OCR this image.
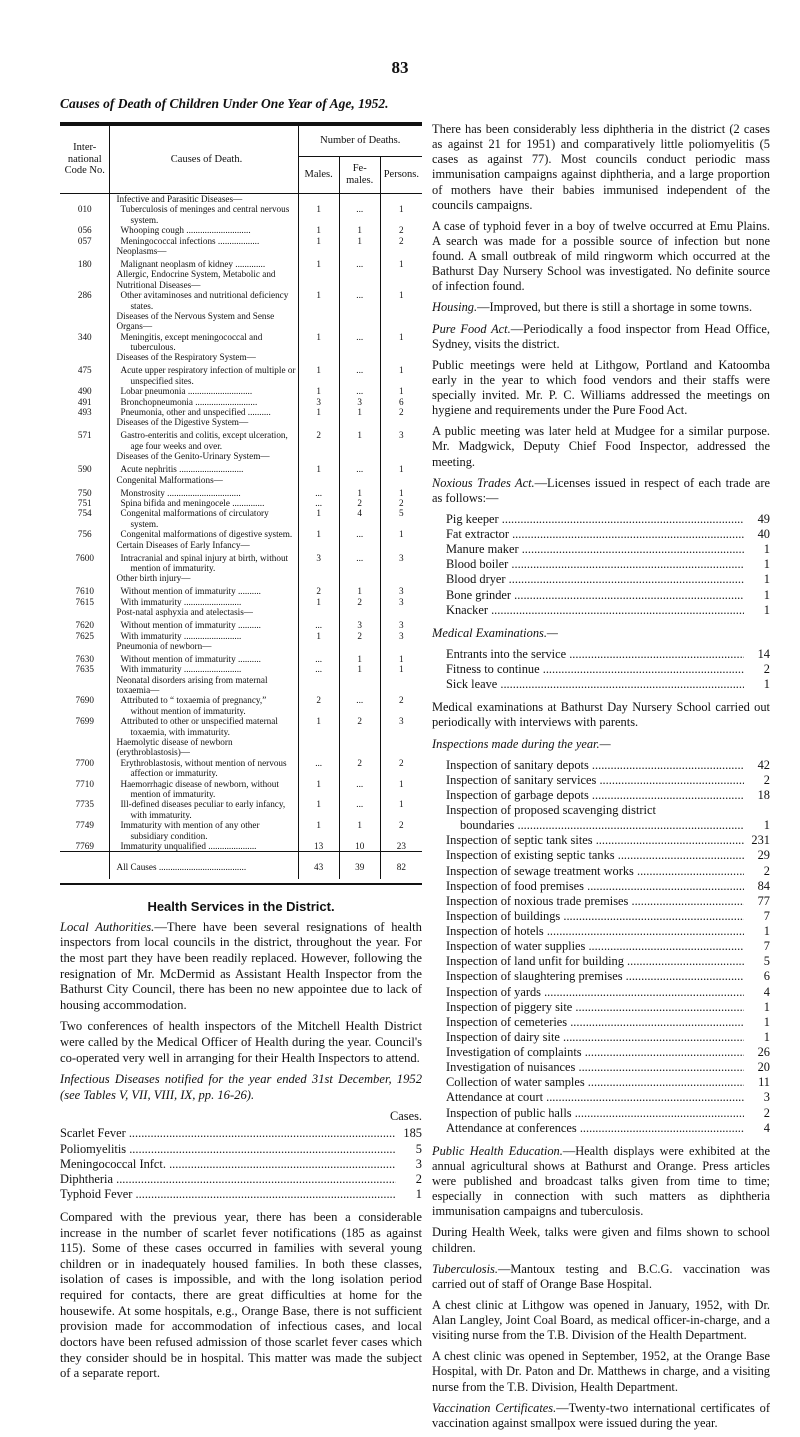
83
Causes of Death of Children Under One Year of Age, 1952.
Inter-national Code No.	Causes of Death.	Number of Deaths.		
		Males.	Fe-males.	Persons.
	Infective and Parasitic Diseases—			
010	Tuberculosis of meninges and central nervous system.	1	...	1
056	Whooping cough ............................	1	1	2
057	Meningococcal infections ..................	1	1	2
	Neoplasms—			
180	Malignant neoplasm of kidney .............	1	...	1
	Allergic, Endocrine System, Metabolic and Nutritional Diseases—			
286	Other avitaminoses and nutritional deficiency states.	1	...	1
	Diseases of the Nervous System and Sense Organs—			
340	Meningitis, except meningococcal and tuberculous.	1	...	1
	Diseases of the Respiratory System—			
475	Acute upper respiratory infection of multiple or unspecified sites.	1	...	1
490	Lobar pneumonia ............................	1	...	1
491	Bronchopneumonia ...........................	3	3	6
493	Pneumonia, other and unspecified ..........	1	1	2
	Diseases of the Digestive System—			
571	Gastro-enteritis and colitis, except ulceration, age four weeks and over.	2	1	3
	Diseases of the Genito-Urinary System—			
590	Acute nephritis ............................	1	...	1
	Congenital Malformations—			
750	Monstrosity ................................	...	1	1
751	Spina bifida and meningocele ..............	...	2	2
754	Congenital malformations of circulatory system.	1	4	5
756	Congenital malformations of digestive system.	1	...	1
	Certain Diseases of Early Infancy—			
7600	Intracranial and spinal injury at birth, without mention of immaturity.	3	...	3
	Other birth injury—			
7610	Without mention of immaturity ..........	2	1	3
7615	With immaturity .........................	1	2	3
	Post-natal asphyxia and atelectasis—			
7620	Without mention of immaturity ..........	...	3	3
7625	With immaturity .........................	1	2	3
	Pneumonia of newborn—			
7630	Without mention of immaturity ..........	...	1	1
7635	With immaturity .........................	...	1	1
	Neonatal disorders arising from maternal toxaemia—			
7690	Attributed to “ toxaemia of pregnancy,” without mention of immaturity.	2	...	2
7699	Attributed to other or unspecified maternal toxaemia, with immaturity.	1	2	3
	Haemolytic disease of newborn (erythroblastosis)—			
7700	Erythroblastosis, without mention of nervous affection or immaturity.	...	2	2
7710	Haemorrhagic disease of newborn, without mention of immaturity.	1	...	1
7735	Ill-defined diseases peculiar to early infancy, with immaturity.	1	...	1
7749	Immaturity with mention of any other subsidiary condition.	1	1	2
7769	Immaturity unqualified .....................	13	10	23

	All Causes ......................................	43	39	82
Health Services in the District.

Local Authorities.—There have been several resignations of health inspectors from local councils in the district, throughout the year. For the most part they have been readily replaced. However, following the resignation of Mr. McDermid as Assistant Health Inspector from the Bathurst City Council, there has been no new appointee due to lack of housing accommodation.

Two conferences of health inspectors of the Mitchell Health District were called by the Medical Officer of Health during the year. Council's co-operated very well in arranging for their Health Inspectors to attend.

Infectious Diseases notified for the year ended 31st December, 1952 (see Tables V, VII, VIII, IX, pp. 16-26).

Cases.
Scarlet Fever .....	185
Poliomyelitis .....	5
Meningococcal Infct. .....	3
Diphtheria .....	2
Typhoid Fever .....	1

Compared with the previous year, there has been a considerable increase in the number of scarlet fever notifications (185 as against 115). Some of these cases occurred in families with several young children or in inadequately housed families. In both these classes, isolation of cases is impossible, and with the long isolation period required for contacts, there are great difficulties at home for the housewife. At some hospitals, e.g., Orange Base, there is not sufficient provision made for accommodation of infectious cases, and local doctors have been refused admission of those scarlet fever cases which they consider should be in hospital. This matter was made the subject of a separate report.

There has been considerably less diphtheria in the district (2 cases as against 21 for 1951) and comparatively little poliomyelitis (5 cases as against 77). Most councils conduct periodic mass immunisation campaigns against diphtheria, and a large proportion of mothers have their babies immunised independent of the councils campaigns.

A case of typhoid fever in a boy of twelve occurred at Emu Plains. A search was made for a possible source of infection but none found. A small outbreak of mild ringworm which occurred at the Bathurst Day Nursery School was investigated. No definite source of infection found.

Housing.—Improved, but there is still a shortage in some towns.

Pure Food Act.—Periodically a food inspector from Head Office, Sydney, visits the district.

Public meetings were held at Lithgow, Portland and Katoomba early in the year to which food vendors and their staffs were specially invited. Mr. P. C. Williams addressed the meetings on hygiene and requirements under the Pure Food Act.

A public meeting was later held at Mudgee for a similar purpose. Mr. Madgwick, Deputy Chief Food Inspector, addressed the meeting.

Noxious Trades Act.—Licenses issued in respect of each trade are as follows:—

Pig keeper .....	49
Fat extractor .....	40
Manure maker .....	1
Blood boiler .....	1
Blood dryer .....	1
Bone grinder .....	1
Knacker .....	1

Medical Examinations.—

Entrants into the service .....	14
Fitness to continue .....	2
Sick leave .....	1

Medical examinations at Bathurst Day Nursery School carried out periodically with interviews with parents.

Inspections made during the year.—

Inspection of sanitary depots .....	42
Inspection of sanitary services .....	2
Inspection of garbage depots .....	18
Inspection of proposed scavenging district
boundaries .....	1
Inspection of septic tank sites .....	231
Inspection of existing septic tanks .....	29
Inspection of sewage treatment works .....	2
Inspection of food premises .....	84
Inspection of noxious trade premises .....	77
Inspection of buildings .....	7
Inspection of hotels .....	1
Inspection of water supplies .....	7
Inspection of land unfit for building .....	5
Inspection of slaughtering premises .....	6
Inspection of yards .....	4
Inspection of piggery site .....	1
Inspection of cemeteries .....	1
Inspection of dairy site .....	1
Investigation of complaints .....	26
Investigation of nuisances .....	20
Collection of water samples .....	11
Attendance at court .....	3
Inspection of public halls .....	2
Attendance at conferences .....	4

Public Health Education.—Health displays were exhibited at the annual agricultural shows at Bathurst and Orange. Press articles were published and broadcast talks given from time to time; especially in connection with such matters as diphtheria immunisation campaigns and tuberculosis.

During Health Week, talks were given and films shown to school children.

Tuberculosis.—Mantoux testing and B.C.G. vaccination was carried out of staff of Orange Base Hospital.

A chest clinic at Lithgow was opened in January, 1952, with Dr. Alan Langley, Joint Coal Board, as medical officer-in-charge, and a visiting nurse from the T.B. Division of the Health Department.

A chest clinic was opened in September, 1952, at the Orange Base Hospital, with Dr. Paton and Dr. Matthews in charge, and a visiting nurse from the T.B. Division, Health Department.

Vaccination Certificates.—Twenty-two international certificates of vaccination against smallpox were issued during the year.
